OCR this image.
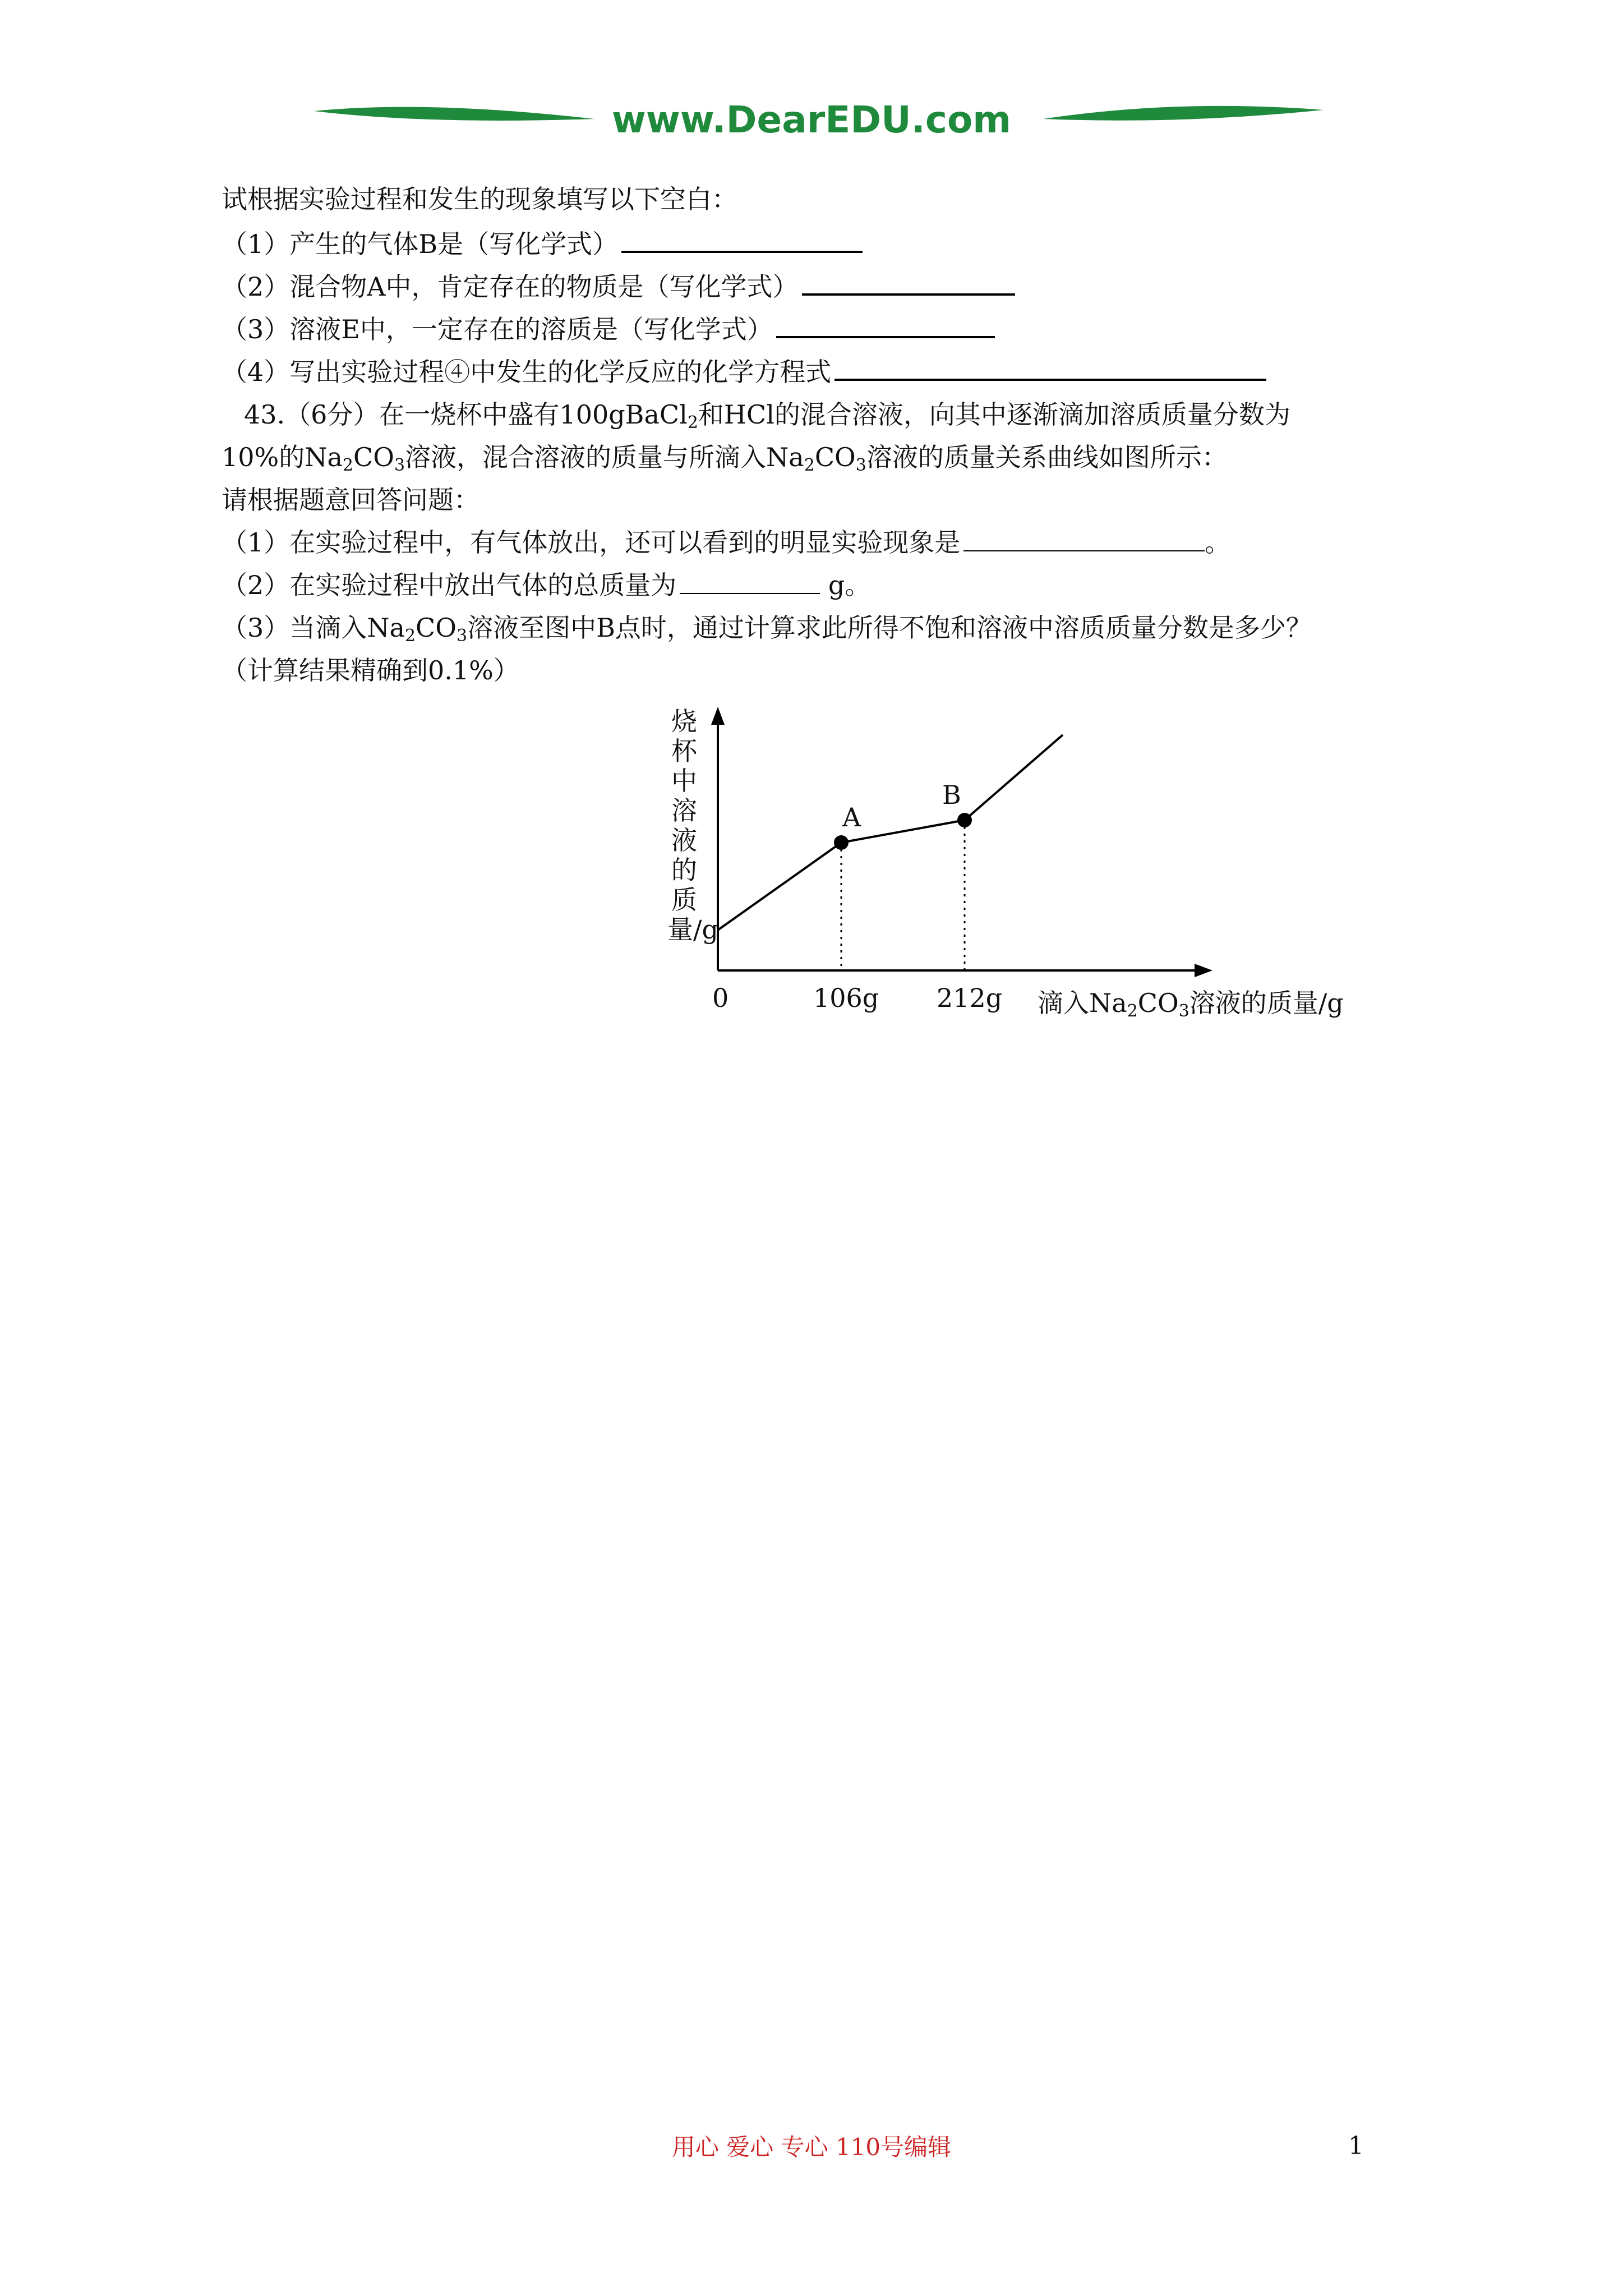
www.DearEDU.com
试根据实验过程和发生的现象填写以下空白：
（1）产生的气体B是（写化学式）
（2）混合物A中，肯定存在的物质是（写化学式）
（3）溶液E中，一定存在的溶质是（写化学式）
（4）写出实验过程④中发生的化学反应的化学方程式
43.（6分）在一烧杯中盛有100gBaCl$_2$和HCl的混合溶液，向其中逐渐滴加溶质质量分数为
10%的$Na_2CO_3$溶液，混合溶液的质量与所滴入$Na_2CO_3$溶液的质量关系曲线如图所示：
请根据题意回答问题：
（1）在实验过程中，有气体放出，还可以看到的明显实验现象是	。
（2）在实验过程中放出气体的总质量为	g。
（3）当滴入$Na_2CO_3$溶液至图中B点时，通过计算求此所得不饱和溶液中溶质质量分数是多少？
（计算结果精确到0.1%）
烧杯中溶液的质量/g
A
B
0	106g 212g 滴入$Na_2CO_3$溶液的质量/g
用心 爱心 专心 110号编辑	1
